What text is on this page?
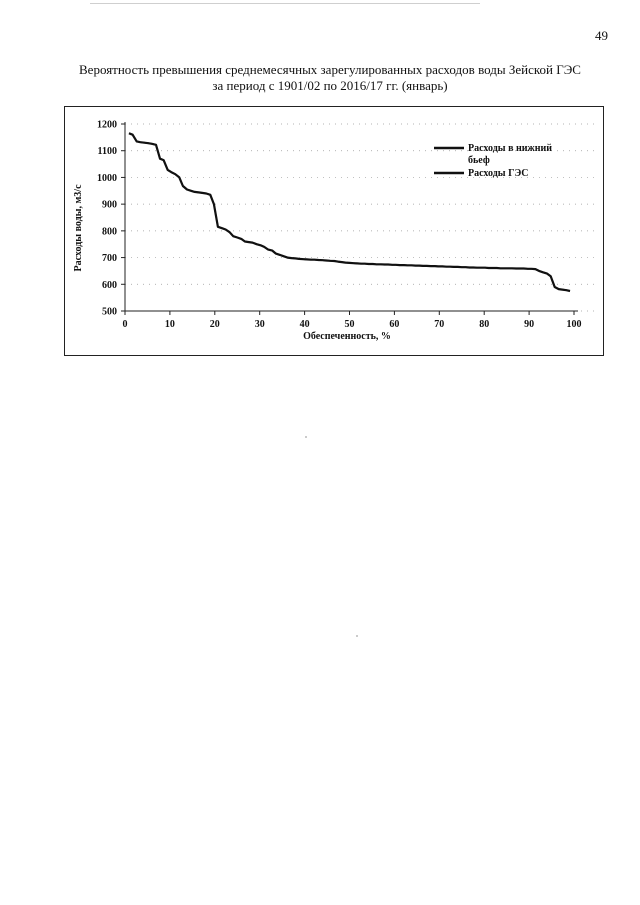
49
Вероятность превышения среднемесячных зарегулированных расходов воды Зейской ГЭС
за период с 1901/02 по 2016/17 гг. (январь)
500
600
700
800
900
1000
1100
1200
0	10	20	30	40	50	60	70	80	90	100
Расходы в нижний бьеф
Расходы ГЭС
Обеспеченность, %
Расходы воды, м3/с
